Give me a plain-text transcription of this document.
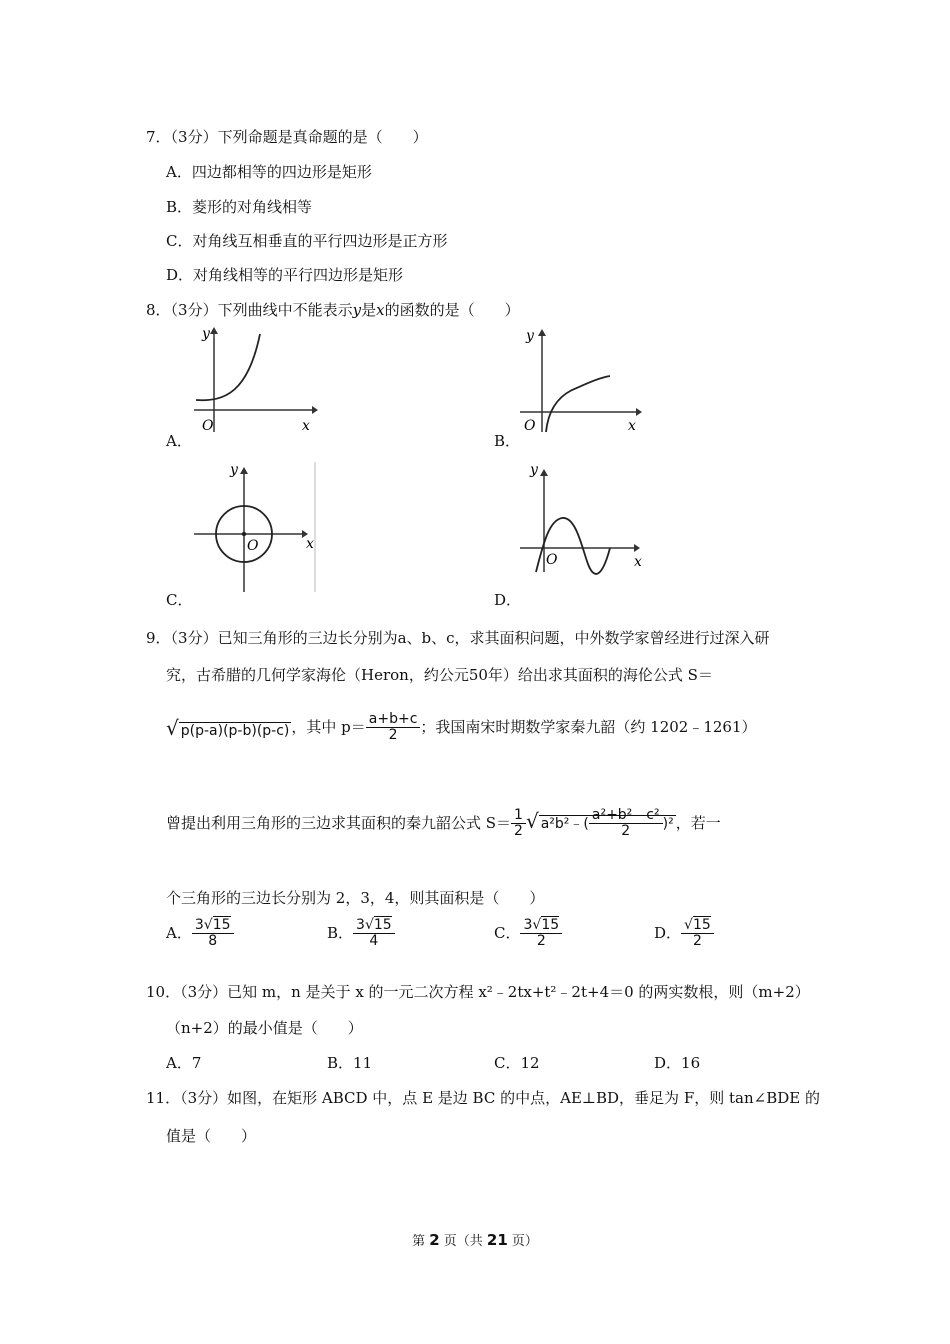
7．（3分）下列命题是真命题的是（　　）
A．四边都相等的四边形是矩形
B．菱形的对角线相等
C．对角线互相垂直的平行四边形是正方形
D．对角线相等的平行四边形是矩形
8．（3分）下列曲线中不能表示y是x的函数的是（　　）
O	x
y
A．
O	x
y
B．
O	x
y
C．
O	x
y
D．
9．（3分）已知三角形的三边长分别为a、b、c，求其面积问题，中外数学家曾经进行过深入研
究，古希腊的几何学家海伦（Heron，约公元50年）给出求其面积的海伦公式 S＝
√ p(p-a)(p-b)(p-c) ，其中 $p= \frac{a+b+c}{2}$ ；我国南宋时期数学家秦九韶（约 1202﹣1261）
曾提出利用三角形的三边求其面积的秦九韶公式 $S= \frac{1}{2}$ √ a²b²﹣( $\frac{\text{a²+b²﹣c²}}{2} )^2$ ，若一
个三角形的三边长分别为 2，3，4，则其面积是（　　）
A． $\frac{3√15}{8}$	B． $\frac{3√15}{4}$	C． $\frac{3√15}{2}$	D． $\frac{√15}{2}$
10．（3分）已知 m，n 是关于 x 的一元二次方程 x²﹣2tx+t²﹣2t+4＝0 的两实数根，则（m+2）
（n+2）的最小值是（　　）
A．7	B．11	C．12	D．16
11．（3分）如图，在矩形 ABCD 中，点 E 是边 BC 的中点，AE⊥BD，垂足为 F，则 tan∠BDE 的
值是（　　）
第 2 页（共 21 页）
